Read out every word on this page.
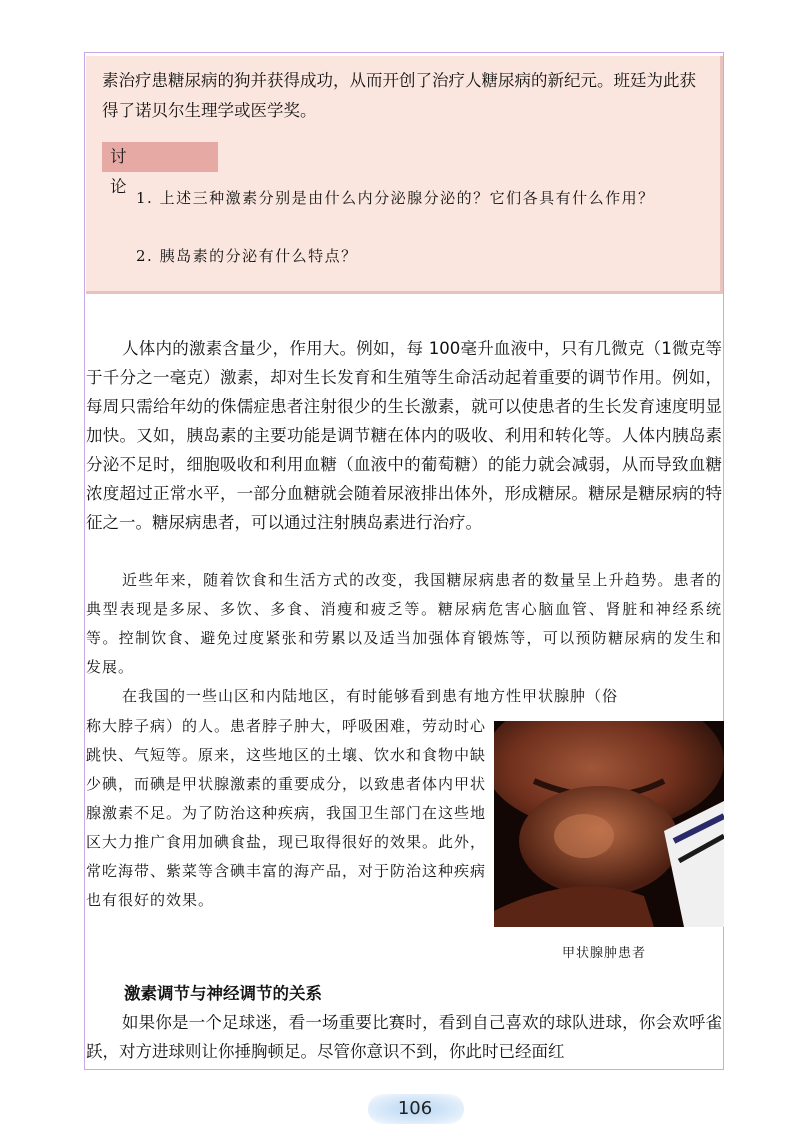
素治疗患糖尿病的狗并获得成功，从而开创了治疗人糖尿病的新纪元。班廷为此获得了诺贝尔生理学或医学奖。

讨论
1. 上述三种激素分别是由什么内分泌腺分泌的？它们各具有什么作用？
2. 胰岛素的分泌有什么特点？

人体内的激素含量少，作用大。例如，每 100毫升血液中，只有几微克（1微克等于千分之一毫克）激素，却对生长发育和生殖等生命活动起着重要的调节作用。例如，每周只需给年幼的侏儒症患者注射很少的生长激素，就可以使患者的生长发育速度明显加快。又如，胰岛素的主要功能是调节糖在体内的吸收、利用和转化等。人体内胰岛素分泌不足时，细胞吸收和利用血糖（血液中的葡萄糖）的能力就会减弱，从而导致血糖浓度超过正常水平，一部分血糖就会随着尿液排出体外，形成糖尿。糖尿是糖尿病的特征之一。糖尿病患者，可以通过注射胰岛素进行治疗。

近些年来，随着饮食和生活方式的改变，我国糖尿病患者的数量呈上升趋势。患者的典型表现是多尿、多饮、多食、消瘦和疲乏等。糖尿病危害心脑血管、肾脏和神经系统等。控制饮食、避免过度紧张和劳累以及适当加强体育锻炼等，可以预防糖尿病的发生和发展。

在我国的一些山区和内陆地区，有时能够看到患有地方性甲状腺肿（俗

称大脖子病）的人。患者脖子肿大，呼吸困难，劳动时心跳快、气短等。原来，这些地区的土壤、饮水和食物中缺少碘，而碘是甲状腺激素的重要成分，以致患者体内甲状腺激素不足。为了防治这种疾病，我国卫生部门在这些地区大力推广食用加碘食盐，现已取得很好的效果。此外，常吃海带、紫菜等含碘丰富的海产品，对于防治这种疾病也有很好的效果。

甲状腺肿患者
激素调节与神经调节的关系

如果你是一个足球迷，看一场重要比赛时，看到自己喜欢的球队进球，你会欢呼雀跃，对方进球则让你捶胸顿足。尽管你意识不到，你此时已经面红

106
